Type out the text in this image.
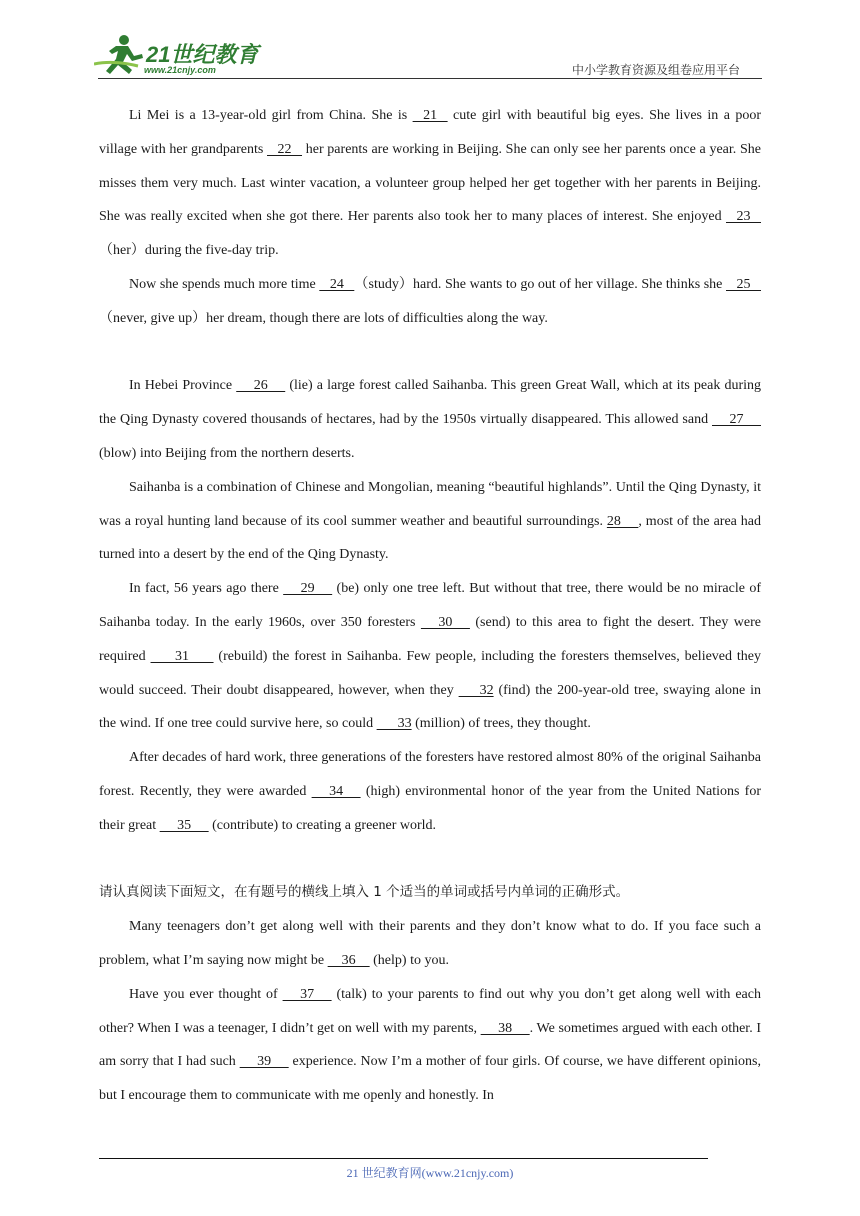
21世纪教育
www.21cnjy.com	中小学教育资源及组卷应用平台

Li Mei is a 13-year-old girl from China. She is    21    cute girl with beautiful big eyes. She lives in a poor village with her grandparents    22    her parents are working in Beijing. She can only see her parents once a year. She misses them very much. Last winter vacation, a volunteer group helped her get together with her parents in Beijing. She was really excited when she got there. Her parents also took her to many places of interest. She enjoyed    23   （her）during the five-day trip.

Now she spends much more time    24   （study）hard. She wants to go out of her village. She thinks she    25    （never, give up）her dream, though there are lots of difficulties along the way.

In Hebei Province      26      (lie) a large forest called Saihanba. This green Great Wall, which at its peak during the Qing Dynasty covered thousands of hectares, had by the 1950s virtually disappeared. This allowed sand      27      (blow) into Beijing from the northern deserts.

Saihanba is a combination of Chinese and Mongolian, meaning “beautiful highlands”. Until the Qing Dynasty, it was a royal hunting land because of its cool summer weather and beautiful surroundings. 28     , most of the area had turned into a desert by the end of the Qing Dynasty.

In fact, 56 years ago there      29      (be) only one tree left. But without that tree, there would be no miracle of Saihanba today. In the early 1960s, over 350 foresters      30      (send) to this area to fight the desert. They were required        31        (rebuild) the forest in Saihanba. Few people, including the foresters themselves, believed they would succeed. Their doubt disappeared, however, when they       32 (find) the 200-year-old tree, swaying alone in the wind. If one tree could survive here, so could       33 (million) of trees, they thought.

After decades of hard work, three generations of the foresters have restored almost 80% of the original Saihanba forest. Recently, they were awarded      34      (high) environmental honor of the year from the United Nations for their great      35      (contribute) to creating a greener world.

请认真阅读下面短文，在有题号的横线上填入 1 个适当的单词或括号内单词的正确形式。

Many teenagers don’t get along well with their parents and they don’t know what to do. If you face such a problem, what I’m saying now might be     36     (help) to you.

Have you ever thought of      37      (talk) to your parents to find out why you don’t get along well with each other? When I was a teenager, I didn’t get on well with my parents,      38     . We sometimes argued with each other. I am sorry that I had such      39      experience. Now I’m a mother of four girls. Of course, we have different opinions, but I encourage them to communicate with me openly and honestly. In

21 世纪教育网(www.21cnjy.com)
